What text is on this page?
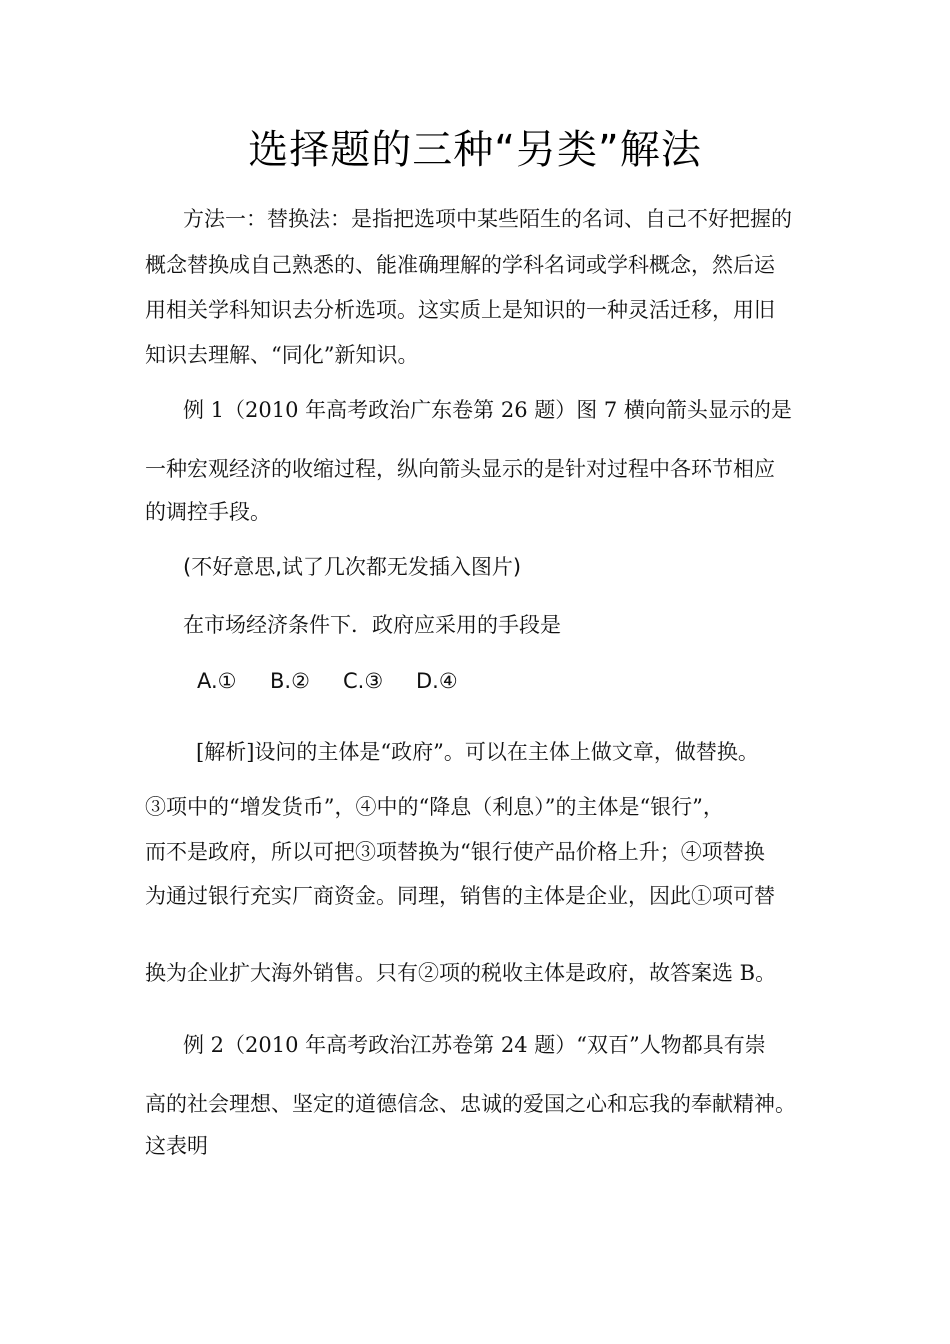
选择题的三种“另类”解法
方法一：替换法：是指把选项中某些陌生的名词、自己不好把握的
概念替换成自己熟悉的、能准确理解的学科名词或学科概念，然后运
用相关学科知识去分析选项。这实质上是知识的一种灵活迁移，用旧
知识去理解、“同化”新知识。
例 1（2010 年高考政治广东卷第 26 题）图 7 横向箭头显示的是
一种宏观经济的收缩过程，纵向箭头显示的是针对过程中各环节相应
的调控手段。
(不好意思,试了几次都无发插入图片)
在市场经济条件下．政府应采用的手段是
A.① B.② C.③ D.④
[解析]设问的主体是“政府”。可以在主体上做文章，做替换。
③项中的“增发货币”，④中的“降息（利息）”的主体是“银行”，
而不是政府，所以可把③项替换为“银行使产品价格上升；④项替换
为通过银行充实厂商资金。同理，销售的主体是企业，因此①项可替
换为企业扩大海外销售。只有②项的税收主体是政府，故答案选 B。
例 2（2010 年高考政治江苏卷第 24 题）“双百”人物都具有崇
高的社会理想、坚定的道德信念、忠诚的爱国之心和忘我的奉献精神。
这表明
